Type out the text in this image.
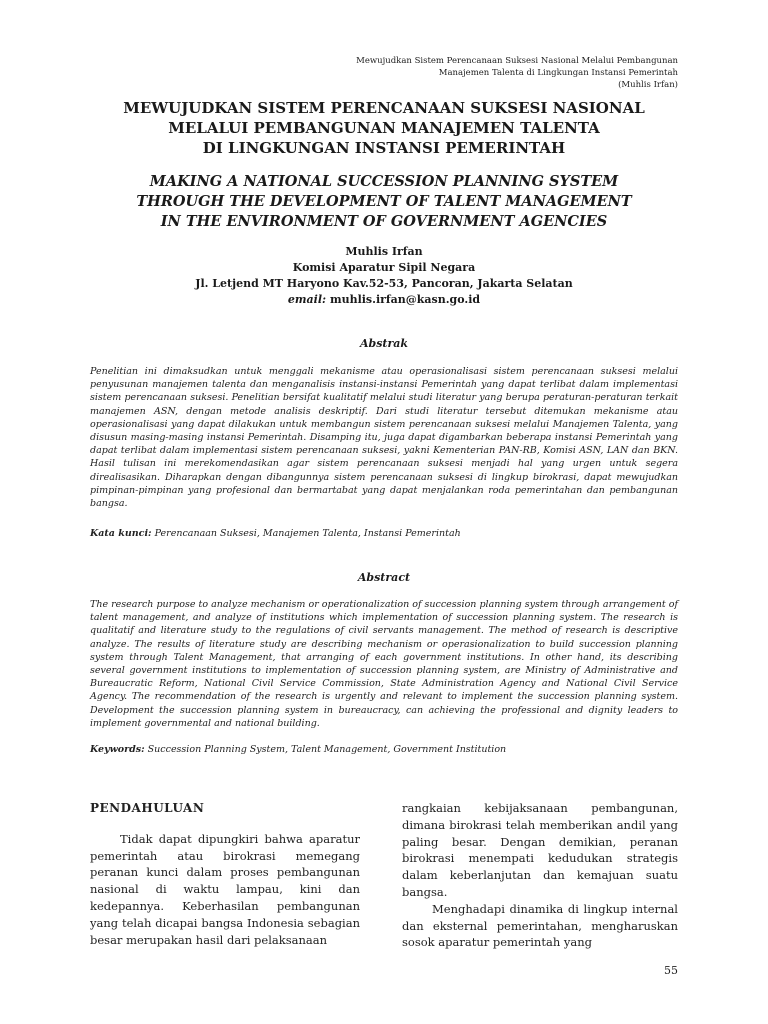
Mewujudkan Sistem Perencanaan Suksesi Nasional Melalui Pembangunan
Manajemen Talenta di Lingkungan Instansi Pemerintah
(Muhlis Irfan)
MEWUJUDKAN SISTEM PERENCANAAN SUKSESI NASIONAL
MELALUI PEMBANGUNAN MANAJEMEN TALENTA
DI LINGKUNGAN INSTANSI PEMERINTAH
MAKING A NATIONAL SUCCESSION PLANNING SYSTEM
THROUGH THE DEVELOPMENT OF TALENT MANAGEMENT
IN THE ENVIRONMENT OF GOVERNMENT AGENCIES
Muhlis Irfan
Komisi Aparatur Sipil Negara
Jl. Letjend MT Haryono Kav.52-53, Pancoran, Jakarta Selatan
email: muhlis.irfan@kasn.go.id
Abstrak
Penelitian ini dimaksudkan untuk menggali mekanisme atau operasionalisasi sistem perencanaan suksesi melalui penyusunan manajemen talenta dan menganalisis instansi-instansi Pemerintah yang dapat terlibat dalam implementasi sistem perencanaan suksesi. Penelitian bersifat kualitatif melalui studi literatur yang berupa peraturan-peraturan terkait manajemen ASN, dengan metode analisis deskriptif. Dari studi literatur tersebut ditemukan mekanisme atau operasionalisasi yang dapat dilakukan untuk membangun sistem perencanaan suksesi melalui Manajemen Talenta, yang disusun masing-masing instansi Pemerintah. Disamping itu, juga dapat digambarkan beberapa instansi Pemerintah yang dapat terlibat dalam implementasi sistem perencanaan suksesi, yakni Kementerian PAN-RB, Komisi ASN, LAN dan BKN. Hasil tulisan ini merekomendasikan agar sistem perencanaan suksesi menjadi hal yang urgen untuk segera direalisasikan. Diharapkan dengan dibangunnya sistem perencanaan suksesi di lingkup birokrasi, dapat mewujudkan pimpinan-pimpinan yang profesional dan bermartabat yang dapat menjalankan roda pemerintahan dan pembangunan bangsa.
Kata kunci: Perencanaan Suksesi, Manajemen Talenta, Instansi Pemerintah
Abstract
The research purpose to analyze mechanism or operationalization of succession planning system through arrangement of talent management, and analyze of institutions which implementation of succession planning system. The research is qualitatif and literature study to the regulations of civil servants management. The method of research is descriptive analyze. The results of literature study are describing mechanism or operasionalization to build succession planning system through Talent Management, that arranging of each government institutions. In other hand, its describing several government institutions to implementation of succession planning system, are Ministry of Administrative and Bureaucratic Reform, National Civil Service Commission, State Administration Agency and National Civil Service Agency. The recommendation of the research is urgently and relevant to implement the succession planning system. Development the succession planning system in bureaucracy, can achieving the professional and dignity leaders to implement governmental and national building.
Keywords: Succession Planning System, Talent Management, Government Institution
PENDAHULUAN

Tidak dapat dipungkiri bahwa aparatur pemerintah atau birokrasi memegang peranan kunci dalam proses pembangunan nasional di waktu lampau, kini dan kedepannya. Keberhasilan pembangunan yang telah dicapai bangsa Indonesia sebagian besar merupakan hasil dari pelaksanaan

rangkaian kebijaksanaan pembangunan, dimana birokrasi telah memberikan andil yang paling besar. Dengan demikian, peranan birokrasi menempati kedudukan strategis dalam keberlanjutan dan kemajuan suatu bangsa.

Menghadapi dinamika di lingkup internal dan eksternal pemerintahan, mengharuskan sosok aparatur pemerintah yang

55
